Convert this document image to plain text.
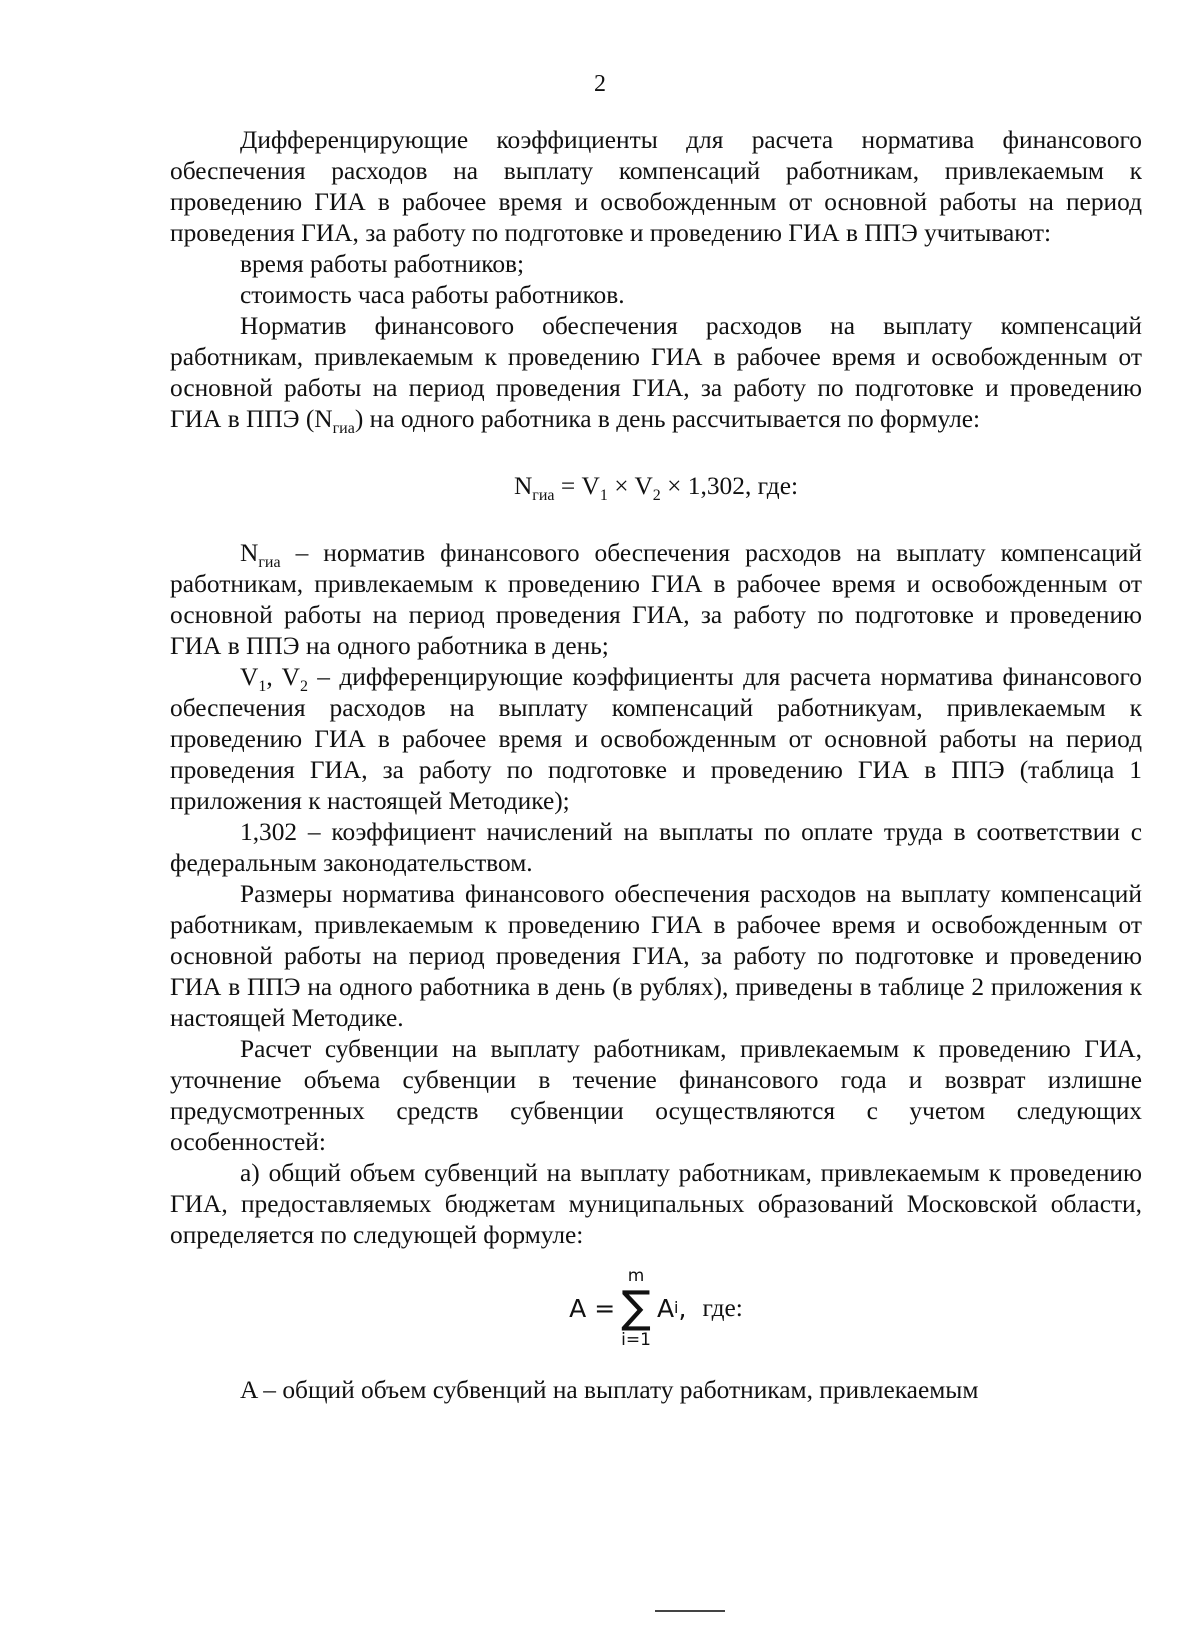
2

Дифференцирующие коэффициенты для расчета норматива финансового обеспечения расходов на выплату компенсаций работникам, привлекаемым к проведению ГИА в рабочее время и освобожденным от основной работы на период проведения ГИА, за работу по подготовке и проведению ГИА в ППЭ учитывают:

время работы работников;

стоимость часа работы работников.

Норматив финансового обеспечения расходов на выплату компенсаций работникам, привлекаемым к проведению ГИА в рабочее время и освобожденным от основной работы на период проведения ГИА, за работу по подготовке и проведению ГИА в ППЭ $(N_{гиа})$ на одного работника в день рассчитывается по формуле:

$N_{гиа} = V_1 \times V_2 \times 1,302$, где:

$N_{гиа}$ – норматив финансового обеспечения расходов на выплату компенсаций работникам, привлекаемым к проведению ГИА в рабочее время и освобожденным от основной работы на период проведения ГИА, за работу по подготовке и проведению ГИА в ППЭ на одного работника в день;

$V_1$, $V_2$ – дифференцирующие коэффициенты для расчета норматива финансового обеспечения расходов на выплату компенсаций работникуам, привлекаемым к проведению ГИА в рабочее время и освобожденным от основной работы на период проведения ГИА, за работу по подготовке и проведению ГИА в ППЭ (таблица 1 приложения к настоящей Методике);

1,302 – коэффициент начислений на выплаты по оплате труда в соответствии с федеральным законодательством.

Размеры норматива финансового обеспечения расходов на выплату компенсаций работникам, привлекаемым к проведению ГИА в рабочее время и освобожденным от основной работы на период проведения ГИА, за работу по подготовке и проведению ГИА в ППЭ на одного работника в день (в рублях), приведены в таблице 2 приложения к настоящей Методике.

Расчет субвенции на выплату работникам, привлекаемым к проведению ГИА, уточнение объема субвенции в течение финансового года и возврат излишне предусмотренных средств субвенции осуществляются с учетом следующих особенностей:

а) общий объем субвенций на выплату работникам, привлекаемым к проведению ГИА, предоставляемых бюджетам муниципальных образований Московской области, определяется по следующей формуле:

A =
m
∑
i=1
A i , где:

A – общий объем субвенций на выплату работникам, привлекаемым
